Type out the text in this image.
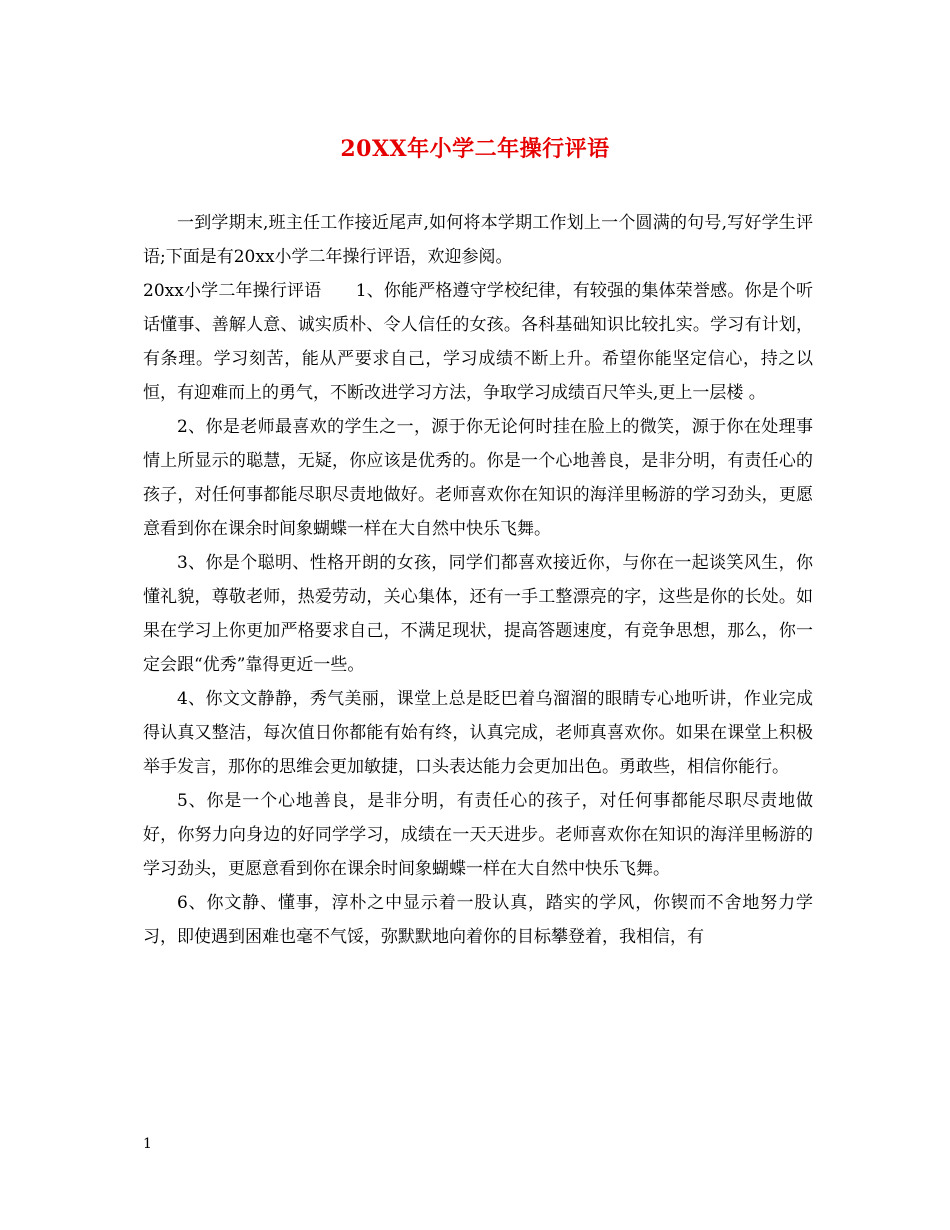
20XX年小学二年操行评语

一到学期末,班主任工作接近尾声,如何将本学期工作划上一个圆满的句号,写好学生评语;下面是有20xx小学二年操行评语，欢迎参阅。

20xx小学二年操行评语　　1、你能严格遵守学校纪律，有较强的集体荣誉感。你是个听话懂事、善解人意、诚实质朴、令人信任的女孩。各科基础知识比较扎实。学习有计划，有条理。学习刻苦，能从严要求自己，学习成绩不断上升。希望你能坚定信心，持之以恒，有迎难而上的勇气，不断改进学习方法，争取学习成绩百尺竿头,更上一层楼 。

2、你是老师最喜欢的学生之一，源于你无论何时挂在脸上的微笑，源于你在处理事情上所显示的聪慧，无疑，你应该是优秀的。你是一个心地善良，是非分明，有责任心的孩子，对任何事都能尽职尽责地做好。老师喜欢你在知识的海洋里畅游的学习劲头，更愿意看到你在课余时间象蝴蝶一样在大自然中快乐飞舞。

3、你是个聪明、性格开朗的女孩，同学们都喜欢接近你，与你在一起谈笑风生，你懂礼貌，尊敬老师，热爱劳动，关心集体，还有一手工整漂亮的字，这些是你的长处。如果在学习上你更加严格要求自己，不满足现状，提高答题速度，有竞争思想，那么，你一定会跟“优秀”靠得更近一些。

4、你文文静静，秀气美丽，课堂上总是眨巴着乌溜溜的眼睛专心地听讲，作业完成得认真又整洁，每次值日你都能有始有终，认真完成，老师真喜欢你。如果在课堂上积极举手发言，那你的思维会更加敏捷，口头表达能力会更加出色。勇敢些，相信你能行。

5、你是一个心地善良，是非分明，有责任心的孩子，对任何事都能尽职尽责地做好，你努力向身边的好同学学习，成绩在一天天进步。老师喜欢你在知识的海洋里畅游的学习劲头，更愿意看到你在课余时间象蝴蝶一样在大自然中快乐飞舞。

6、你文静、懂事，淳朴之中显示着一股认真，踏实的学风，你锲而不舍地努力学习，即使遇到困难也毫不气馁，弥默默地向着你的目标攀登着，我相信，有

1
